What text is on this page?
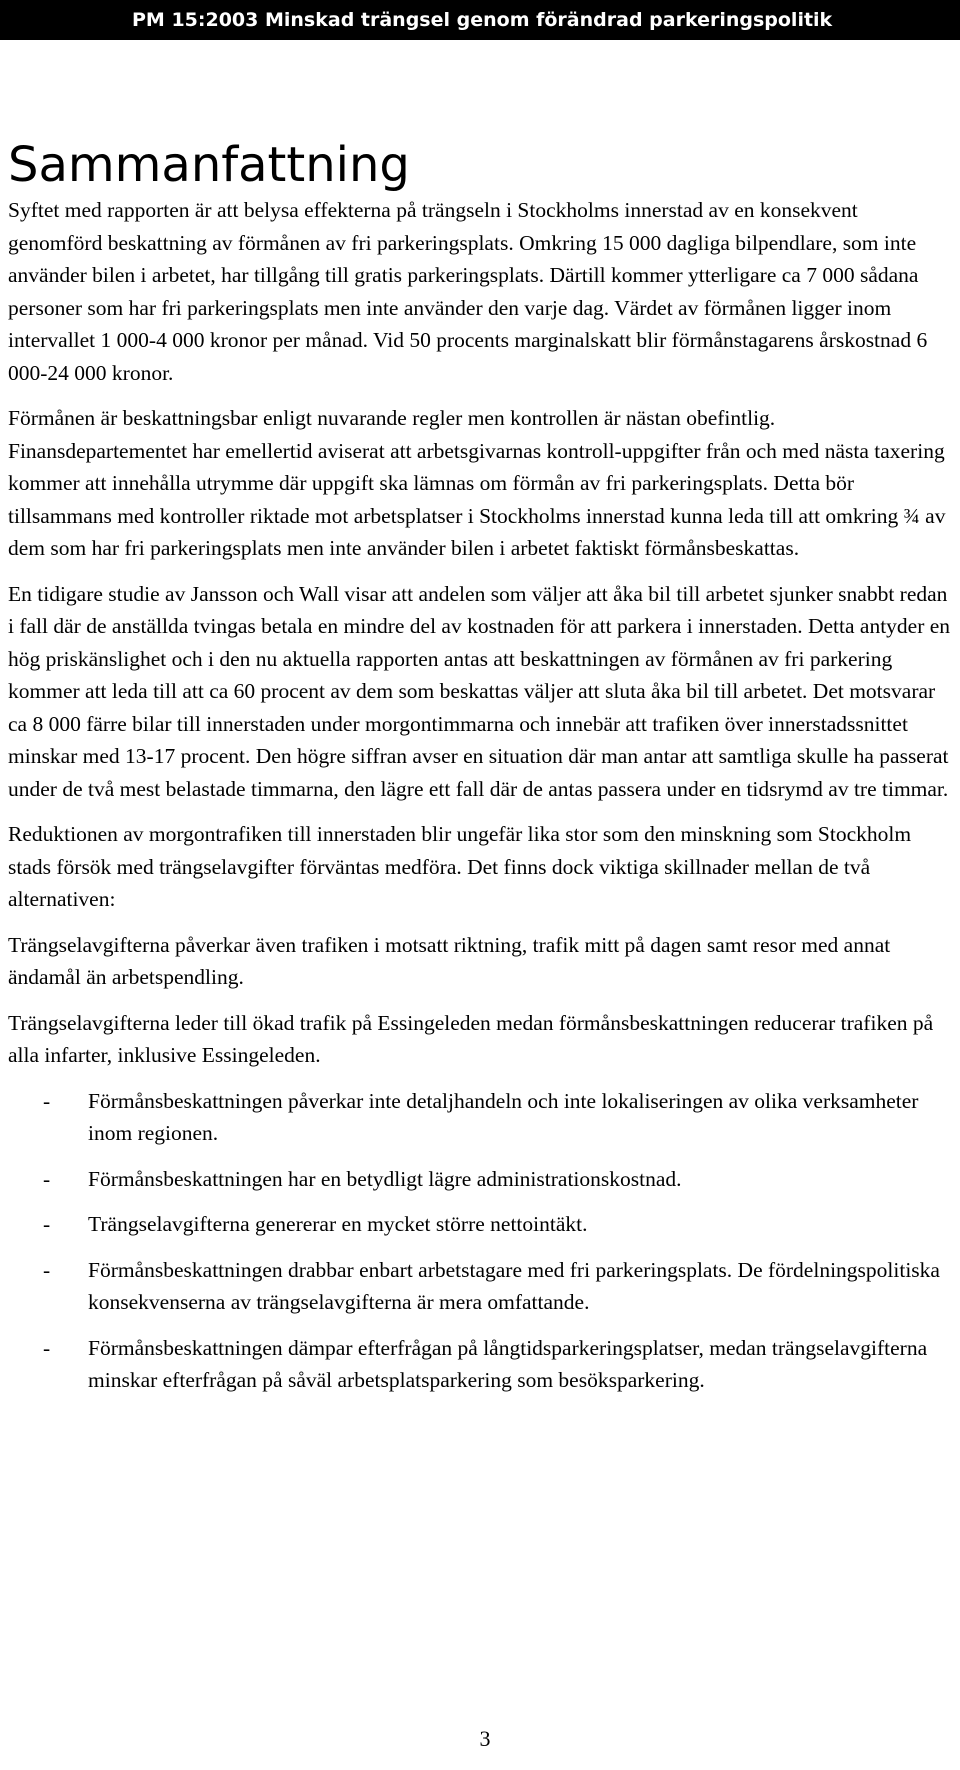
PM 15:2003 Minskad trängsel genom förändrad parkeringspolitik
Sammanfattning

Syftet med rapporten är att belysa effekterna på trängseln i Stockholms innerstad av en konsekvent genomförd beskattning av förmånen av fri parkeringsplats. Omkring 15 000 dagliga bilpendlare, som inte använder bilen i arbetet, har tillgång till gratis parkeringsplats. Därtill kommer ytterligare ca 7 000 sådana personer som har fri parkeringsplats men inte använder den varje dag. Värdet av förmånen ligger inom intervallet 1 000-4 000 kronor per månad. Vid 50 procents marginalskatt blir förmånstagarens årskostnad 6 000-24 000 kronor.

Förmånen är beskattningsbar enligt nuvarande regler men kontrollen är nästan obefintlig. Finansdepartementet har emellertid aviserat att arbetsgivarnas kontroll-uppgifter från och med nästa taxering kommer att innehålla utrymme där uppgift ska lämnas om förmån av fri parkeringsplats. Detta bör tillsammans med kontroller riktade mot arbetsplatser i Stockholms innerstad kunna leda till att omkring ¾ av dem som har fri parkeringsplats men inte använder bilen i arbetet faktiskt förmånsbeskattas.

En tidigare studie av Jansson och Wall visar att andelen som väljer att åka bil till arbetet sjunker snabbt redan i fall där de anställda tvingas betala en mindre del av kostnaden för att parkera i innerstaden. Detta antyder en hög priskänslighet och i den nu aktuella rapporten antas att beskattningen av förmånen av fri parkering kommer att leda till att ca 60 procent av dem som beskattas väljer att sluta åka bil till arbetet. Det motsvarar ca 8 000 färre bilar till innerstaden under morgontimmarna och innebär att trafiken över innerstadssnittet minskar med 13-17 procent. Den högre siffran avser en situation där man antar att samtliga skulle ha passerat under de två mest belastade timmarna, den lägre ett fall där de antas passera under en tidsrymd av tre timmar.

Reduktionen av morgontrafiken till innerstaden blir ungefär lika stor som den minskning som Stockholm stads försök med trängselavgifter förväntas medföra. Det finns dock viktiga skillnader mellan de två alternativen:

Trängselavgifterna påverkar även trafiken i motsatt riktning, trafik mitt på dagen samt resor med annat ändamål än arbetspendling.

Trängselavgifterna leder till ökad trafik på Essingeleden medan förmånsbeskattningen reducerar trafiken på alla infarter, inklusive Essingeleden.

- Förmånsbeskattningen påverkar inte detaljhandeln och inte lokaliseringen av olika verksamheter inom regionen.
- Förmånsbeskattningen har en betydligt lägre administrationskostnad.
- Trängselavgifterna genererar en mycket större nettointäkt.
- Förmånsbeskattningen drabbar enbart arbetstagare med fri parkeringsplats. De fördelningspolitiska konsekvenserna av trängselavgifterna är mera omfattande.
- Förmånsbeskattningen dämpar efterfrågan på långtidsparkeringsplatser, medan trängselavgifterna minskar efterfrågan på såväl arbetsplatsparkering som besöksparkering.
3
